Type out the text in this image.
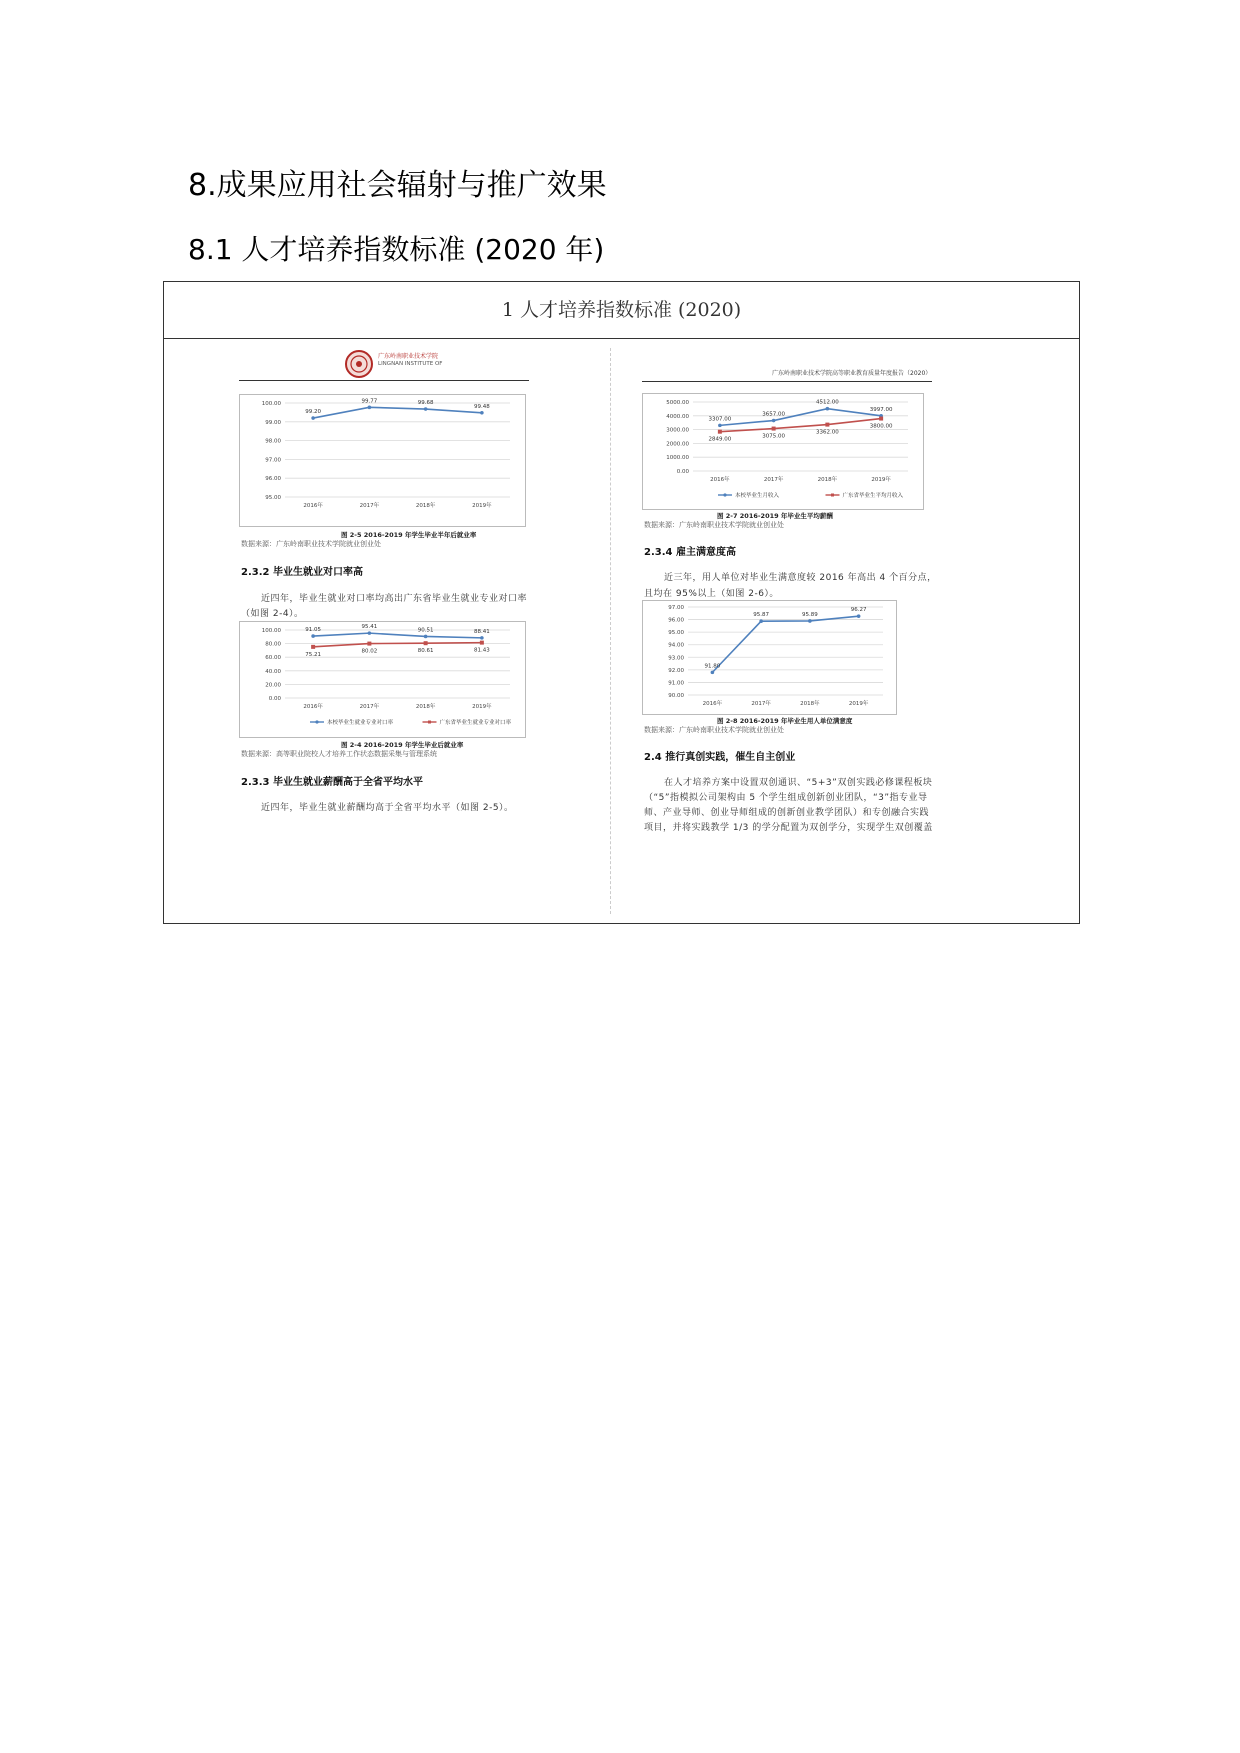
8.成果应用社会辐射与推广效果
8.1 人才培养指数标准 (2020 年)
1 人才培养指数标准 (2020)
广东岭南职业技术学院
LINGNAN INSTITUTE OF
95.00
96.00
97.00
98.00
99.00
100.00
2016年	2017年	2018年	2019年
99.20
99.77	99.68
99.48
图 2-5 2016-2019 年学生毕业半年后就业率
数据来源：广东岭南职业技术学院就业创业处
2.3.2 毕业生就业对口率高
近四年，毕业生就业对口率均高出广东省毕业生就业专业对口率
（如图 2-4）。
0.00
20.00
40.00
60.00
80.00
100.00
2016年	2017年	2018年	2019年
91.05	95.41
90.51	88.41
75.21
80.02	80.61	81.43
本校毕业生就业专业对口率	广东省毕业生就业专业对口率
图 2-4 2016-2019 年学生毕业后就业率
数据来源：高等职业院校人才培养工作状态数据采集与管理系统
2.3.3 毕业生就业薪酬高于全省平均水平
近四年，毕业生就业薪酬均高于全省平均水平（如图 2-5）。
广东岭南职业技术学院高等职业教育质量年度报告（2020）
0.00
1000.00
2000.00
3000.00
4000.00
5000.00
2016年	2017年	2018年	2019年
3307.00
3657.00
4512.00
3997.00
2849.00
3075.00
3362.00
3800.00
本校毕业生月收入	广东省毕业生平均月收入
图 2-7 2016-2019 年毕业生平均薪酬
数据来源：广东岭南职业技术学院就业创业处
2.3.4 雇主满意度高
近三年，用人单位对毕业生满意度较 2016 年高出 4 个百分点，
且均在 95%以上（如图 2-6）。
90.00
91.00
92.00
93.00
94.00
95.00
96.00
97.00
2016年	2017年	2018年	2019年
91.80
95.87	95.89
96.27
图 2-8 2016-2019 年毕业生用人单位满意度
数据来源：广东岭南职业技术学院就业创业处
2.4 推行真创实践，催生自主创业
在人才培养方案中设置双创通识、“5+3”双创实践必修课程板块
（“5”指模拟公司架构由 5 个学生组成创新创业团队，“3”指专业导
师、产业导师、创业导师组成的创新创业教学团队）和专创融合实践
项目，并将实践教学 1/3 的学分配置为双创学分，实现学生双创覆盖
